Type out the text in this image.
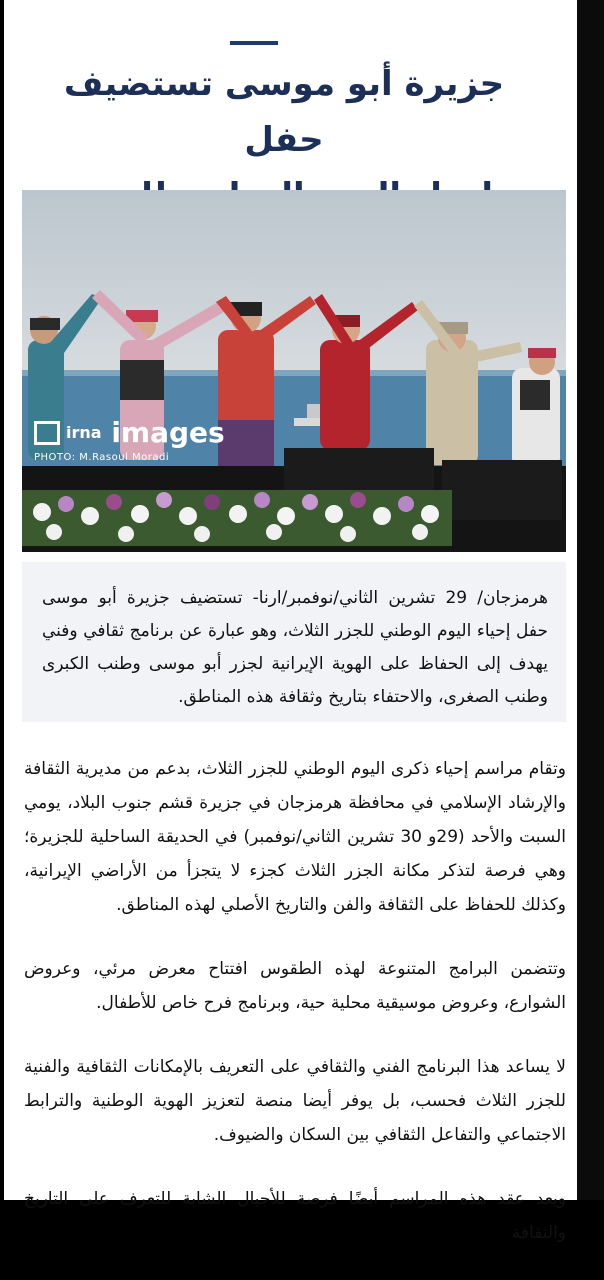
جزيرة أبو موسى تستضيف حفل
$^{irna}$ images
PHOTO: M.Rasoul Moradi
هرمزجان/ 29 تشرين الثاني/نوفمبر/ارنا- تستضيف جزيرة أبو موسى حفل إحياء اليوم الوطني للجزر الثلاث، وهو عبارة عن برنامج ثقافي وفني يهدف إلى الحفاظ على الهوية الإيرانية لجزر أبو موسى وطنب الكبرى وطنب الصغرى، والاحتفاء بتاريخ وثقافة هذه المناطق.

وتقام مراسم إحياء ذكرى اليوم الوطني للجزر الثلاث، بدعم من مديرية الثقافة والإرشاد الإسلامي في محافظة هرمزجان في جزيرة قشم جنوب البلاد، يومي السبت والأحد (29و 30 تشرين الثاني/نوفمبر) في الحديقة الساحلية للجزيرة؛ وهي فرصة لتذكر مكانة الجزر الثلاث كجزء لا يتجزأ من الأراضي الإيرانية، وكذلك للحفاظ على الثقافة والفن والتاريخ الأصلي لهذه المناطق.

وتتضمن البرامج المتنوعة لهذه الطقوس افتتاح معرض مرئي، وعروض الشوارع، وعروض موسيقية محلية حية، وبرنامج فرح خاص للأطفال.

لا يساعد هذا البرنامج الفني والثقافي على التعريف بالإمكانات الثقافية والفنية للجزر الثلاث فحسب، بل يوفر أيضا منصة لتعزيز الهوية الوطنية والترابط الاجتماعي والتفاعل الثقافي بين السكان والضيوف.

ويعد عقد هذه المراسم أيضًا فرصة للأجيال الشابة للتعرف على التاريخ والثقافة
